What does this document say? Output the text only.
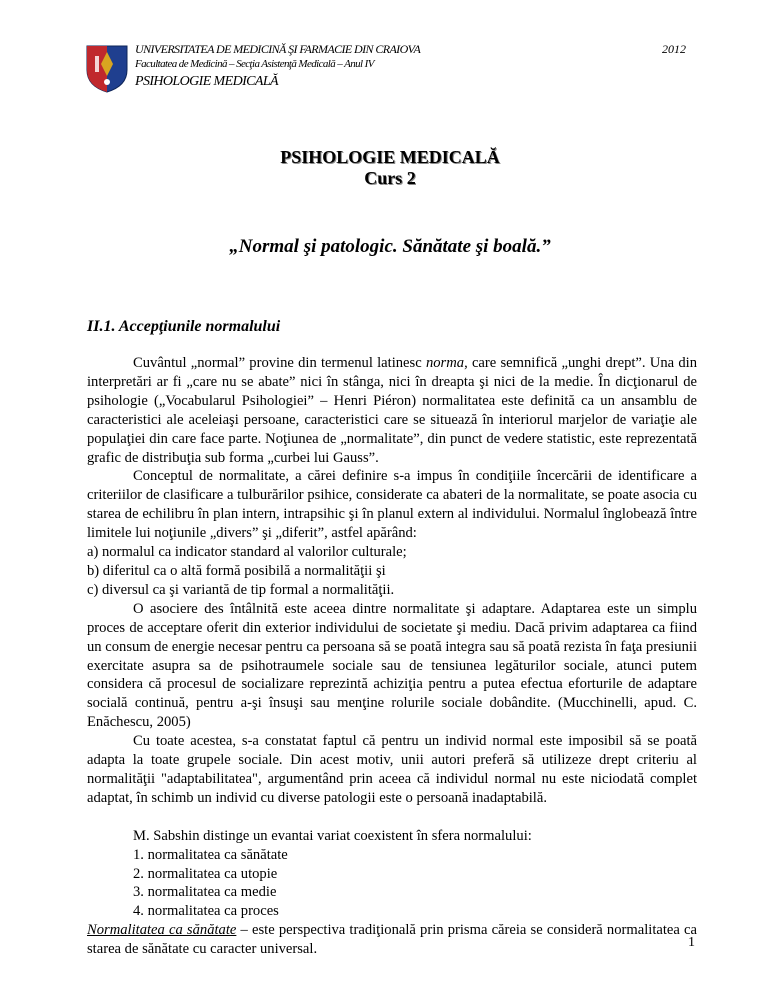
UNIVERSITATEA DE MEDICINĂ ŞI FARMACIE DIN CRAIOVA
Facultatea de Medicină – Secţia Asistenţă Medicală – Anul IV
PSIHOLOGIE MEDICALĂ
2012
PSIHOLOGIE MEDICALĂ
Curs 2
„Normal şi patologic. Sănătate şi boală.”
II.1. Accepţiunile normalului

Cuvântul „normal” provine din termenul latinesc norma, care semnifică „unghi drept”. Una din interpretări ar fi „care nu se abate” nici în stânga, nici în dreapta şi nici de la medie. În dicţionarul de psihologie („Vocabularul Psihologiei” – Henri Piéron) normalitatea este definită ca un ansamblu de caracteristici ale aceleiaşi persoane, caracteristici care se situează în interiorul marjelor de variaţie ale populaţiei din care face parte. Noţiunea de „normalitate”, din punct de vedere statistic, este reprezentată grafic de distribuţia sub forma „curbei lui Gauss”.

Conceptul de normalitate, a cărei definire s-a impus în condiţiile încercării de identificare a criteriilor de clasificare a tulburărilor psihice, considerate ca abateri de la normalitate, se poate asocia cu starea de echilibru în plan intern, intrapsihic şi în planul extern al individului. Normalul înglobează între limitele lui noţiunile „divers” şi „diferit”, astfel apărând:

a) normalul ca indicator standard al valorilor culturale;

b) diferitul ca o altă formă posibilă a normalităţii şi

c) diversul ca şi variantă de tip formal a normalităţii.

O asociere des întâlnită este aceea dintre normalitate şi adaptare. Adaptarea este un simplu proces de acceptare oferit din exterior individului de societate şi mediu. Dacă privim adaptarea ca fiind un consum de energie necesar pentru ca persoana să se poată integra sau să poată rezista în faţa presiunii exercitate asupra sa de psihotraumele sociale sau de tensiunea legăturilor sociale, atunci putem considera că procesul de socializare reprezintă achiziţia pentru a putea efectua eforturile de adaptare socială continuă, pentru a-şi însuşi sau menţine rolurile sociale dobândite. (Mucchinelli, apud. C. Enăchescu, 2005)

Cu toate acestea, s-a constatat faptul că pentru un individ normal este imposibil să se poată adapta la toate grupele sociale. Din acest motiv, unii autori preferă să utilizeze drept criteriu al normalităţii "adaptabilitatea", argumentând prin aceea că individul normal nu este niciodată complet adaptat, în schimb un individ cu diverse patologii este o persoană inadaptabilă.

M. Sabshin distinge un evantai variat coexistent în sfera normalului:

1. normalitatea ca sănătate
2. normalitatea ca utopie
3. normalitatea ca medie
4. normalitatea ca proces

Normalitatea ca sănătate – este perspectiva tradiţională prin prisma căreia se consideră normalitatea ca starea de sănătate cu caracter universal.	1
